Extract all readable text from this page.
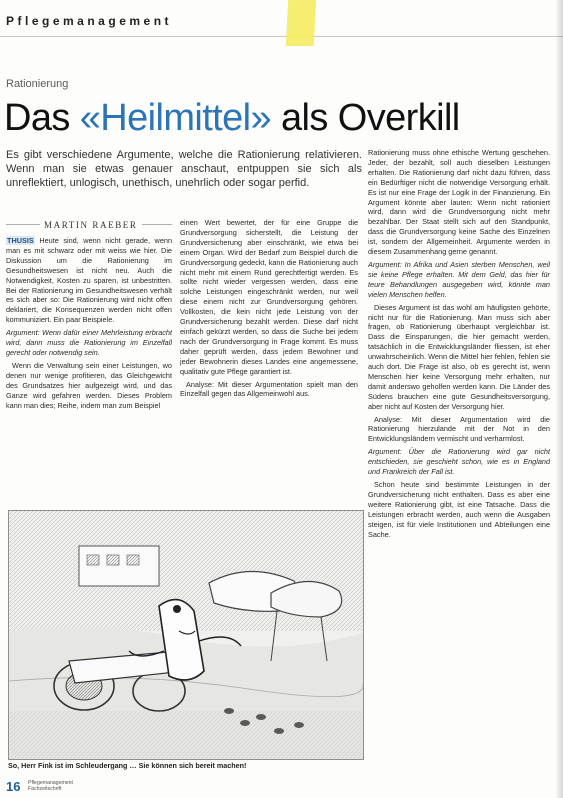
Pflegemanagement
Rationierung
Das «Heilmittel» als Overkill
Es gibt verschiedene Argumente, welche die Rationierung relativieren. Wenn man sie etwas genauer anschaut, entpuppen sie sich als unreflektiert, unlogisch, unethisch, unehrlich oder sogar perfid.
MARTIN RAEBER

THUSIS Heute sind, wenn nicht gerade, wenn man es mit schwarz oder mit weiss wie hier. Die Diskussion um die Rationierung im Gesundheitswesen ist nicht neu. Auch die Notwendigkeit, Kosten zu sparen, ist unbestritten. Bei der Rationierung im Gesundheitswesen verhält es sich aber so: Die Rationierung wird nicht offen deklariert, die Konsequenzen werden nicht offen kommuniziert. Ein paar Beispiele.

Argument: Wenn dafür einer Mehrleistung erbracht wird, dann muss die Rationierung im Einzelfall gerecht oder notwendig sein.

Wenn die Verwaltung sein einer Leistungen, wo denen nur wenige profitieren, das Gleichgewicht des Grundsatzes hier aufgezeigt wird, und das Ganze wird gefahren werden. Dieses Problem kann man dies; Reihe, indem man zum Beispiel

einen Wert bewertet, der für eine Gruppe die Grundversorgung sicherstellt, die Leistung der Grundversicherung aber einschränkt, wie etwa bei einem Organ. Wird der Bedarf zum Beispiel durch die Grundversorgung gedeckt, kann die Rationierung auch nicht mehr mit einem Rund gerechtfertigt werden. Es sollte nicht wieder vergessen werden, dass eine solche Leistungen eingeschränkt werden, nur weil diese einem nicht zur Grundversorgung gehören. Vollkosten, die kein nicht jede Leistung von der Grundversicherung bezahlt werden. Diese darf nicht einfach gekürzt werden, so dass die Suche bei jedem nach der Grundversorgung in Frage kommt. Es muss daher geprüft werden, dass jedem Bewohner und jeder Bewohnerin dieses Landes eine angemessene, qualitativ gute Pflege garantiert ist.

Analyse: Mit dieser Argumentation spielt man den Einzelfall gegen das Allgemeinwohl aus.

Rationierung muss ohne ethische Wertung geschehen. Jeder, der bezahlt, soll auch dieselben Leistungen erhalten. Die Rationierung darf nicht dazu führen, dass ein Bedürftiger nicht die notwendige Versorgung erhält. Es ist nur eine Frage der Logik in der Finanzierung. Ein Argument könnte aber lauten: Wenn nicht rationiert wird, dann wird die Grundversorgung nicht mehr bezahlbar. Der Staat stellt sich auf den Standpunkt, dass die Grundversorgung keine Sache des Einzelnen ist, sondern der Allgemeinheit. Argumente werden in diesem Zusammenhang gerne genannt.

Argument: In Afrika und Asien sterben Menschen, weil sie keine Pflege erhalten. Mit dem Geld, das hier für teure Behandlungen ausgegeben wird, könnte man vielen Menschen helfen.

Dieses Argument ist das wohl am häufigsten gehörte, nicht nur für die Rationierung. Man muss sich aber fragen, ob Rationierung überhaupt vergleichbar ist. Dass die Einsparungen, die hier gemacht werden, tatsächlich in die Entwicklungsländer fliessen, ist eher unwahrscheinlich. Wenn die Mittel hier fehlen, fehlen sie auch dort. Die Frage ist also, ob es gerecht ist, wenn Menschen hier keine Versorgung mehr erhalten, nur damit anderswo geholfen werden kann. Die Länder des Südens brauchen eine gute Gesundheitsversorgung, aber nicht auf Kosten der Versorgung hier.

Analyse: Mit dieser Argumentation wird die Rationierung hierzulande mit der Not in den Entwicklungsländern vermischt und verharmlost.

Argument: Über die Rationierung wird gar nicht entschieden, sie geschieht schon, wie es in England und Frankreich der Fall ist.

Schon heute sind bestimmte Leistungen in der Grundversicherung nicht enthalten. Dass es aber eine weitere Rationierung gibt, ist eine Tatsache. Dass die Leistungen erbracht werden, auch wenn die Ausgaben steigen, ist für viele Institutionen und Abteilungen eine Sache.

So, Herr Fink ist im Schleudergang … Sie können sich bereit machen!
16 Pflegemanagement
Fachzeitschrift
